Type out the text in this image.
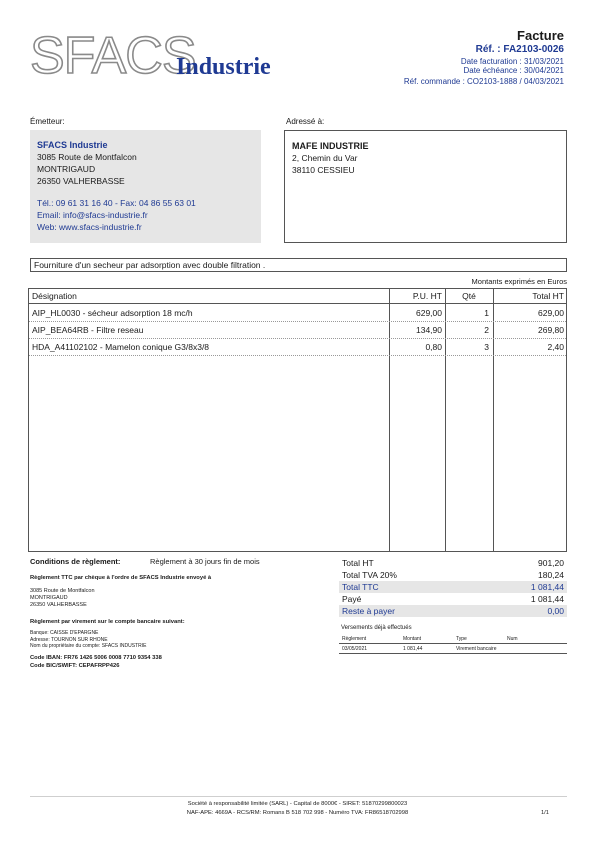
SFACS
Industrie
Facture
Réf. : FA2103-0026
Date facturation : 31/03/2021
Date échéance : 30/04/2021
Réf. commande : CO2103-1888 / 04/03/2021
Émetteur:
SFACS Industrie
3085 Route de Montfalcon
MONTRIGAUD
26350 VALHERBASSE
Tél.: 09 61 31 16 40 - Fax: 04 86 55 63 01
Email: info@sfacs-industrie.fr
Web: www.sfacs-industrie.fr
Adressé à:
MAFE INDUSTRIE
2, Chemin du Var
38110 CESSIEU
Fourniture d'un secheur par adsorption avec double filtration .
Montants exprimés en Euros
Désignation	P.U. HT	Qté	Total HT
AIP_HL0030 - sécheur adsorption 18 mc/h	629,00	1	629,00
AIP_BEA64RB - Filtre reseau	134,90	2	269,80
HDA_A41102102 - Mamelon conique G3/8x3/8	0,80	3	2,40
Conditions de règlement:	Règlement à 30 jours fin de mois
Règlement TTC par chèque à l'ordre de SFACS Industrie envoyé à
3085 Route de Montfalcon
MONTRIGAUD
26350 VALHERBASSE
Règlement par virement sur le compte bancaire suivant:
Banque: CAISSE D'EPARGNE
Adresse: TOURNON SUR RHONE
Nom du propriétaire du compte: SFACS INDUSTRIE
Code IBAN: FR76 1426 5006 0008 7710 9354 338
Code BIC/SWIFT: CEPAFRPP426
Total HT	901,20
Total TVA 20%	180,24
Total TTC	1 081,44
Payé	1 081,44
Reste à payer	0,00
Versements déjà effectués
Règlement	Montant	Type	Num
03/05/2021	1 081,44	Virement bancaire
Société à responsabilité limitée (SARL) - Capital de 8000€ - SIRET: 51870299800023
NAF-APE: 4669A - RCS/RM: Romans B 518 702 998 - Numéro TVA: FR86518702998	1/1
